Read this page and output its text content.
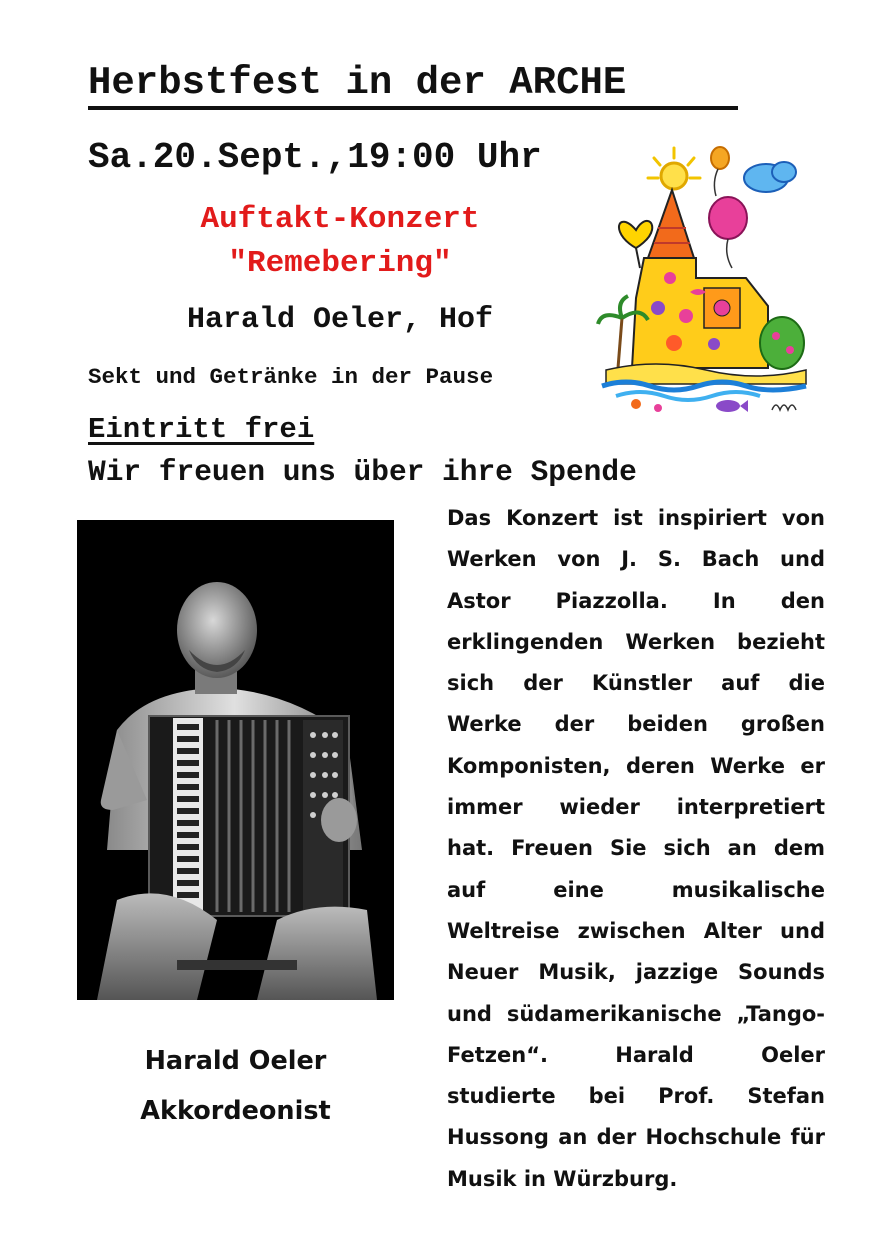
Herbstfest in der ARCHE
Sa.20.Sept.,19:00 Uhr
Auftakt-Konzert
"Remebering"
Harald Oeler, Hof
Sekt und Getränke in der Pause
Eintritt frei
Wir freuen uns über ihre Spende
Harald Oeler
Akkordeonist
Das Konzert ist inspiriert von
Werken von J. S. Bach und
Astor Piazzolla. In den
erklingenden Werken bezieht
sich der Künstler auf die
Werke der beiden großen
Komponisten, deren Werke er
immer wieder interpretiert
hat. Freuen Sie sich an dem
auf eine musikalische
Weltreise zwischen Alter und
Neuer Musik, jazzige Sounds
und südamerikanische „Tango-
Fetzen“. Harald Oeler
studierte bei Prof. Stefan
Hussong an der Hochschule für
Musik in Würzburg.
